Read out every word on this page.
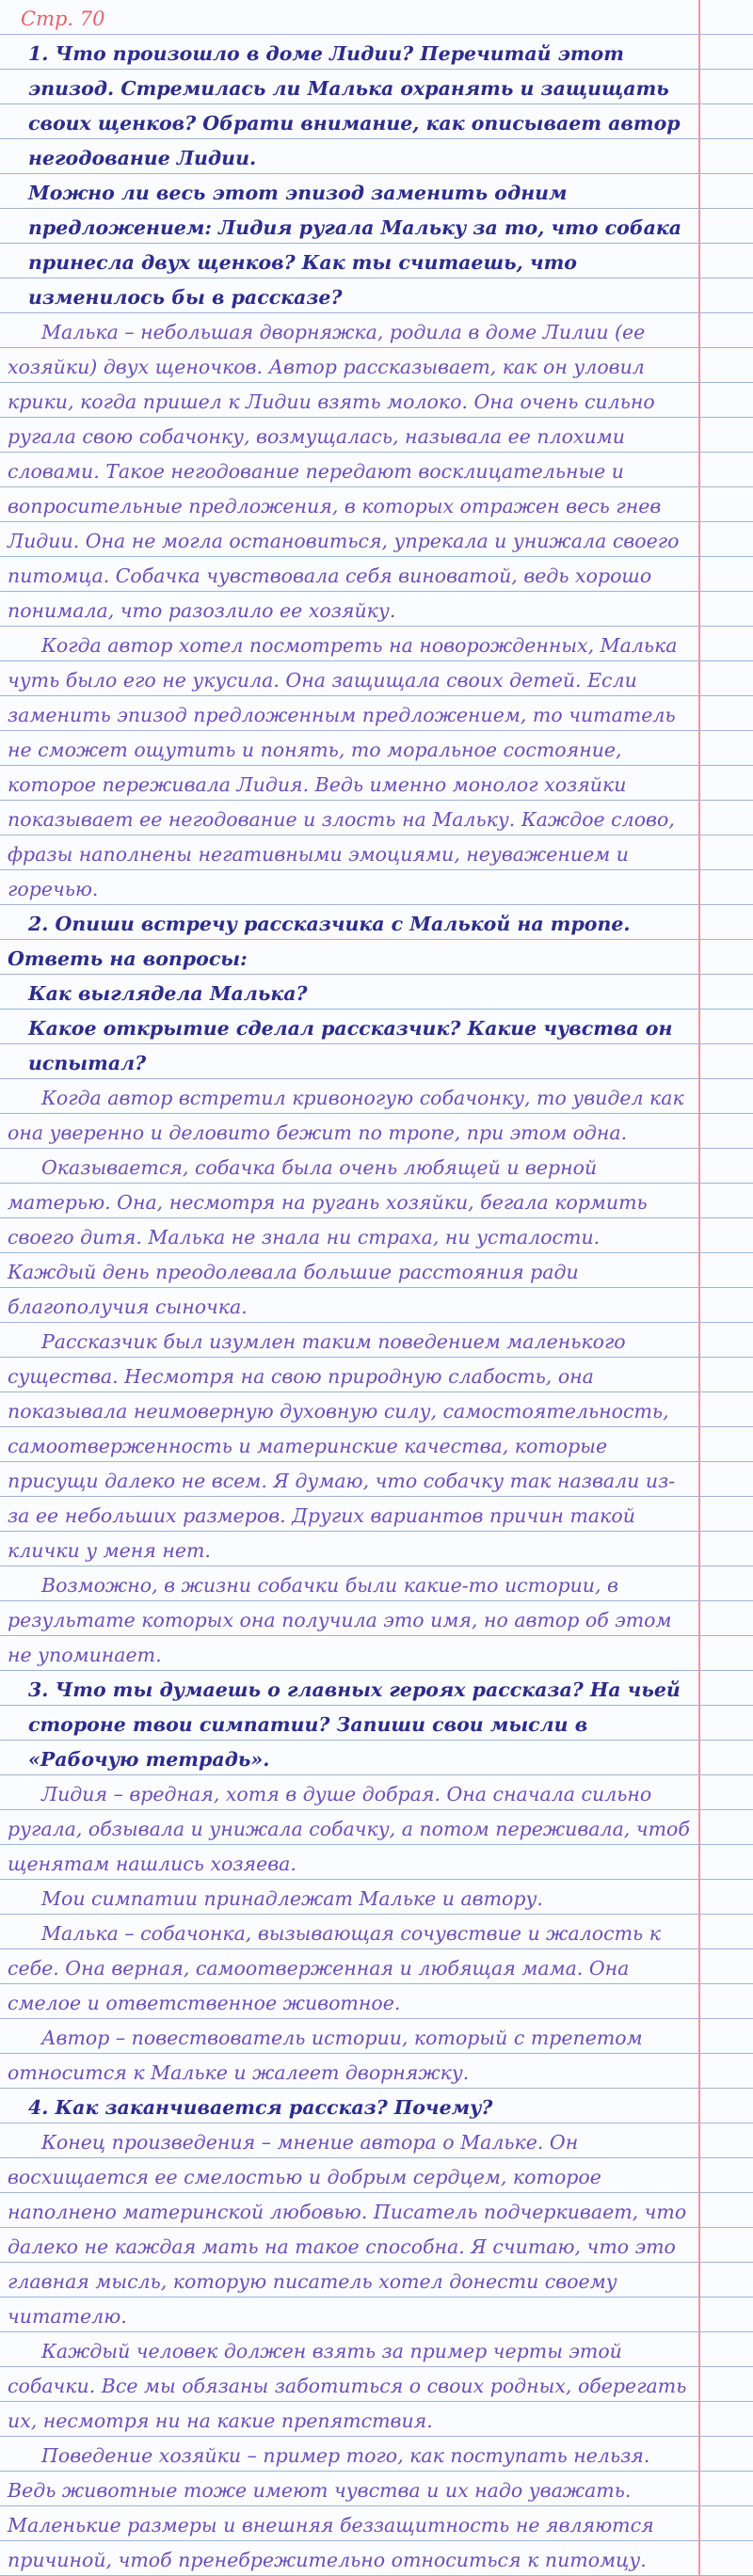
Стр. 70

1. Что произошло в доме Лидии? Перечитай этот эпизод. Стремилась ли Малька охранять и защищать своих щенков? Обрати внимание, как описывает автор негодование Лидии.

Можно ли весь этот эпизод заменить одним предложением: Лидия ругала Мальку за то, что собака принесла двух щенков? Как ты считаешь, что изменилось бы в рассказе?

Малька – небольшая дворняжка, родила в доме Лилии (ее хозяйки) двух щеночков. Автор рассказывает, как он уловил крики, когда пришел к Лидии взять молоко. Она очень сильно ругала свою собачонку, возмущалась, называла ее плохими словами. Такое негодование передают восклицательные и вопросительные предложения, в которых отражен весь гнев Лидии. Она не могла остановиться, упрекала и унижала своего питомца. Собачка чувствовала себя виноватой, ведь хорошо понимала, что разозлило ее хозяйку.

Когда автор хотел посмотреть на новорожденных, Малька чуть было его не укусила. Она защищала своих детей. Если заменить эпизод предложенным предложением, то читатель не сможет ощутить и понять, то моральное состояние, которое переживала Лидия. Ведь именно монолог хозяйки показывает ее негодование и злость на Мальку. Каждое слово, фразы наполнены негативными эмоциями, неуважением и горечью.

2. Опиши встречу рассказчика с Малькой на тропе.

Ответь на вопросы:

Как выглядела Малька?

Какое открытие сделал рассказчик? Какие чувства он испытал?

Когда автор встретил кривоногую собачонку, то увидел как она уверенно и деловито бежит по тропе, при этом одна.

Оказывается, собачка была очень любящей и верной матерью. Она, несмотря на ругань хозяйки, бегала кормить своего дитя. Малька не знала ни страха, ни усталости. Каждый день преодолевала большие расстояния ради благополучия сыночка.

Рассказчик был изумлен таким поведением маленького существа. Несмотря на свою природную слабость, она показывала неимоверную духовную силу, самостоятельность, самоотверженность и материнские качества, которые присущи далеко не всем. Я думаю, что собачку так назвали из-за ее небольших размеров. Других вариантов причин такой клички у меня нет.

Возможно, в жизни собачки были какие-то истории, в результате которых она получила это имя, но автор об этом не упоминает.

3. Что ты думаешь о главных героях рассказа? На чьей стороне твои симпатии? Запиши свои мысли в «Рабочую тетрадь».

Лидия – вредная, хотя в душе добрая. Она сначала сильно ругала, обзывала и унижала собачку, а потом переживала, чтоб щенятам нашлись хозяева.

Мои симпатии принадлежат Мальке и автору.

Малька – собачонка, вызывающая сочувствие и жалость к себе. Она верная, самоотверженная и любящая мама. Она смелое и ответственное животное.

Автор – повествователь истории, который с трепетом относится к Мальке и жалеет дворняжку.

4. Как заканчивается рассказ? Почему?

Конец произведения – мнение автора о Мальке. Он восхищается ее смелостью и добрым сердцем, которое наполнено материнской любовью. Писатель подчеркивает, что далеко не каждая мать на такое способна. Я считаю, что это главная мысль, которую писатель хотел донести своему читателю.

Каждый человек должен взять за пример черты этой собачки. Все мы обязаны заботиться о своих родных, оберегать их, несмотря ни на какие препятствия.

Поведение хозяйки – пример того, как поступать нельзя. Ведь животные тоже имеют чувства и их надо уважать. Маленькие размеры и внешняя беззащитность не являются причиной, чтоб пренебрежительно относиться к питомцу.
